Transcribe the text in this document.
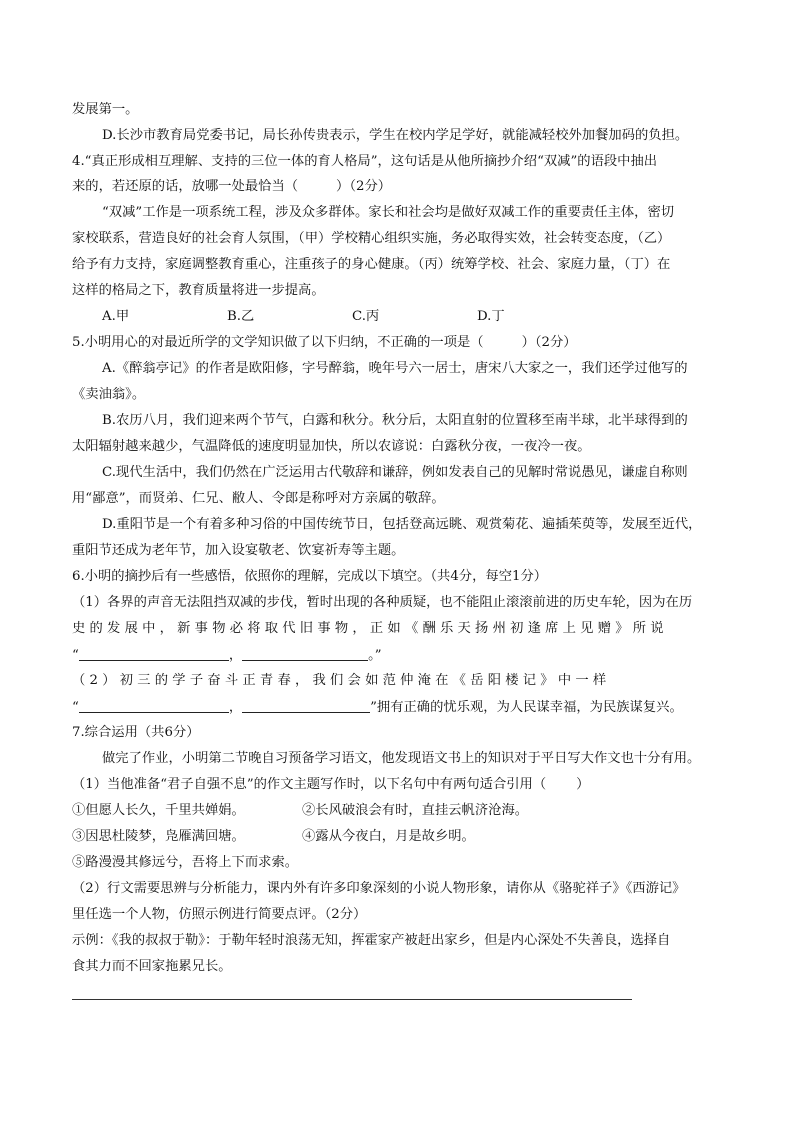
发展第一。

D.长沙市教育局党委书记，局长孙传贵表示，学生在校内学足学好，就能减轻校外加餐加码的负担。

4.“真正形成相互理解、支持的三位一体的育人格局”，这句话是从他所摘抄介绍“双减”的语段中抽出

来的，若还原的话，放哪一处最恰当（	）（2分）

“双减”工作是一项系统工程，涉及众多群体。家长和社会均是做好双减工作的重要责任主体，密切

家校联系，营造良好的社会育人氛围，（甲）学校精心组织实施，务必取得实效，社会转变态度，（乙）

给予有力支持，家庭调整教育重心，注重孩子的身心健康。（丙）统筹学校、社会、家庭力量，（丁）在

这样的格局之下，教育质量将进一步提高。

A.甲	B.乙	C.丙	D.丁

5.小明用心的对最近所学的文学知识做了以下归纳，不正确的一项是（	）（2分）

A.《醉翁亭记》的作者是欧阳修，字号醉翁，晚年号六一居士，唐宋八大家之一，我们还学过他写的

《卖油翁》。

B.农历八月，我们迎来两个节气，白露和秋分。秋分后，太阳直射的位置移至南半球，北半球得到的

太阳辐射越来越少，气温降低的速度明显加快，所以农谚说：白露秋分夜，一夜冷一夜。

C.现代生活中，我们仍然在广泛运用古代敬辞和谦辞，例如发表自己的见解时常说愚见，谦虚自称则

用“鄙意”，而贤弟、仁兄、敝人、令郎是称呼对方亲属的敬辞。

D.重阳节是一个有着多种习俗的中国传统节日，包括登高远眺、观赏菊花、遍插茱萸等，发展至近代，

重阳节还成为老年节，加入设宴敬老、饮宴祈寿等主题。

6.小明的摘抄后有一些感悟，依照你的理解，完成以下填空。（共4分，每空1分）

（1）各界的声音无法阻挡双减的步伐，暂时出现的各种质疑，也不能阻止滚滚前进的历史车轮，因为在历

史 的 发 展 中 ， 新 事 物 必 将 取 代 旧 事 物 ， 正 如 《 酬 乐 天 扬 州 初 逢 席 上 见 赠 》 所 说

“	，	。”

（ 2 ） 初 三 的 学 子 奋 斗 正 青 春 ， 我 们 会 如 范 仲 淹 在 《 岳 阳 楼 记 》 中 一 样

“	，	”拥有正确的忧乐观，为人民谋幸福，为民族谋复兴。

7.综合运用（共6分）

做完了作业，小明第二节晚自习预备学习语文，他发现语文书上的知识对于平日写大作文也十分有用。

（1）当他准备“君子自强不息”的作文主题写作时，以下名句中有两句适合引用（ ）

①但愿人长久，千里共婵娟。	②长风破浪会有时，直挂云帆济沧海。
③因思杜陵梦，凫雁满回塘。	④露从今夜白，月是故乡明。
⑤路漫漫其修远兮，吾将上下而求索。

（2）行文需要思辨与分析能力，课内外有许多印象深刻的小说人物形象，请你从《骆驼祥子》《西游记》

里任选一个人物，仿照示例进行简要点评。（2分）

示例：《我的叔叔于勒》：于勒年轻时浪荡无知，挥霍家产被赶出家乡，但是内心深处不失善良，选择自

食其力而不回家拖累兄长。
